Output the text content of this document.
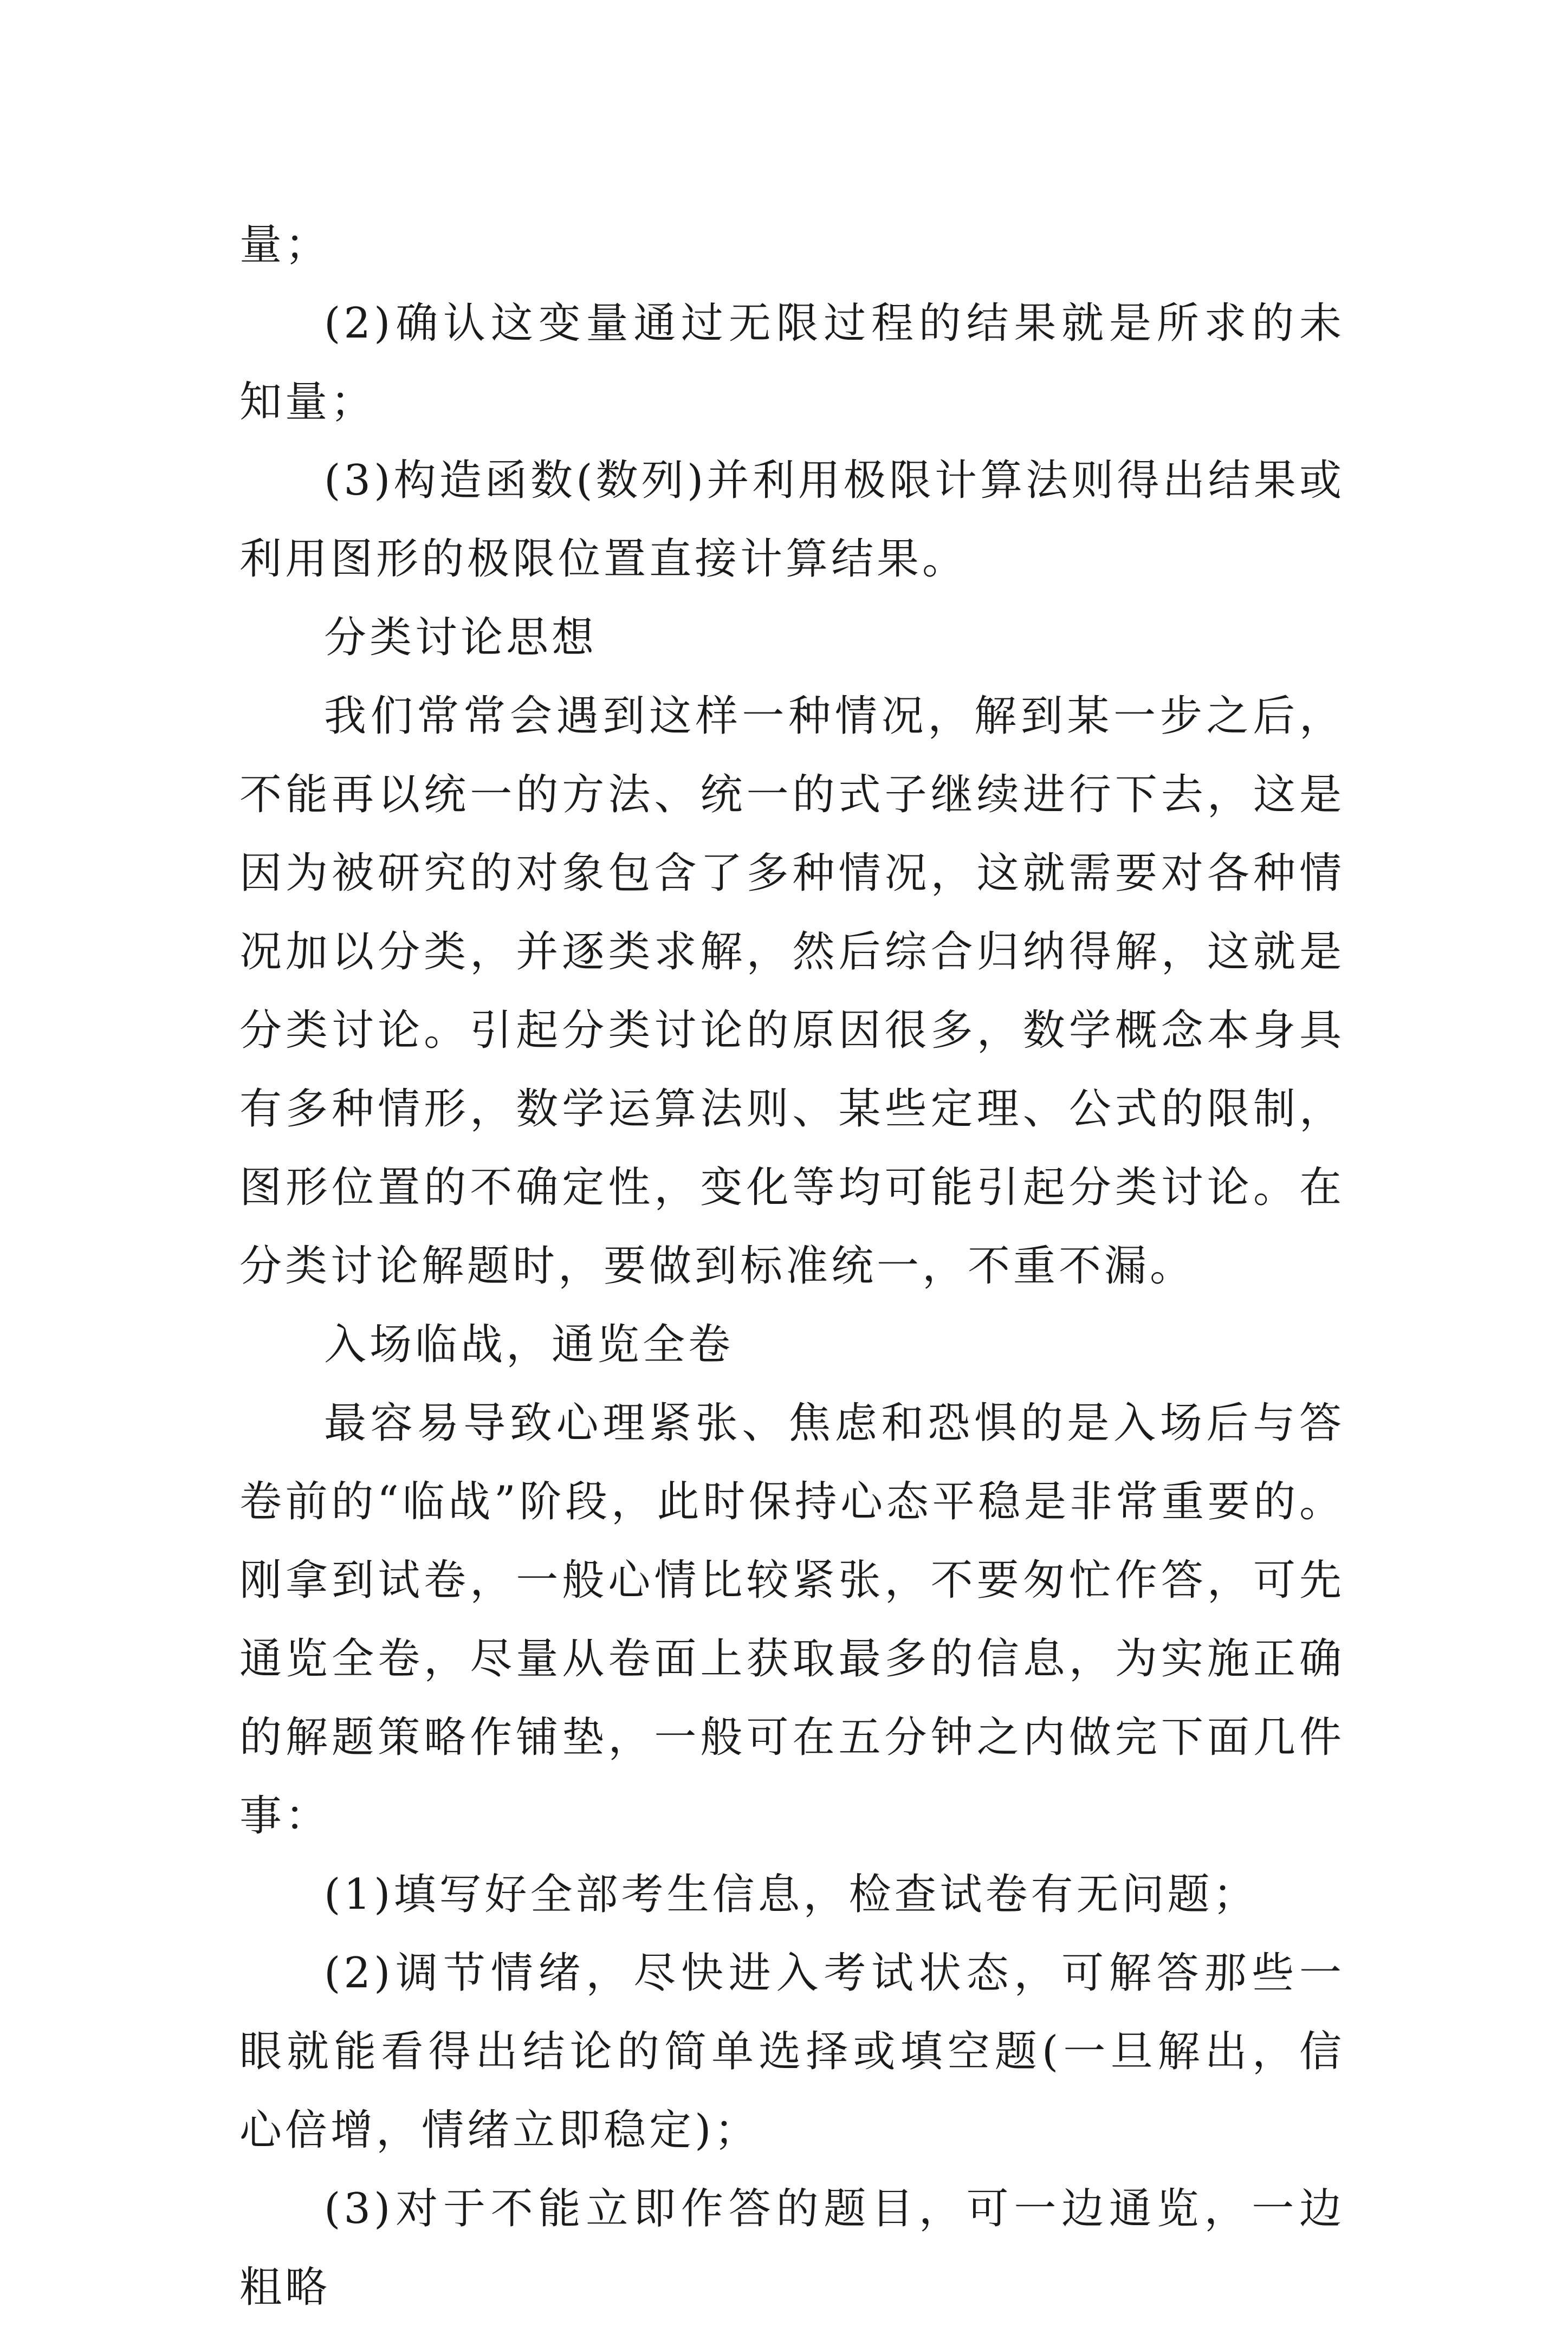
量；

(2)确认这变量通过无限过程的结果就是所求的未知量；

(3)构造函数(数列)并利用极限计算法则得出结果或利用图形的极限位置直接计算结果。

分类讨论思想

我们常常会遇到这样一种情况，解到某一步之后，不能再以统一的方法、统一的式子继续进行下去，这是因为被研究的对象包含了多种情况，这就需要对各种情况加以分类，并逐类求解，然后综合归纳得解，这就是分类讨论。引起分类讨论的原因很多，数学概念本身具有多种情形，数学运算法则、某些定理、公式的限制，图形位置的不确定性，变化等均可能引起分类讨论。在分类讨论解题时，要做到标准统一，不重不漏。

入场临战，通览全卷

最容易导致心理紧张、焦虑和恐惧的是入场后与答卷前的“临战”阶段，此时保持心态平稳是非常重要的。刚拿到试卷，一般心情比较紧张，不要匆忙作答，可先通览全卷，尽量从卷面上获取最多的信息，为实施正确的解题策略作铺垫，一般可在五分钟之内做完下面几件事：

(1)填写好全部考生信息，检查试卷有无问题；

(2)调节情绪，尽快进入考试状态，可解答那些一眼就能看得出结论的简单选择或填空题(一旦解出，信心倍增，情绪立即稳定)；

(3)对于不能立即作答的题目，可一边通览，一边粗略
